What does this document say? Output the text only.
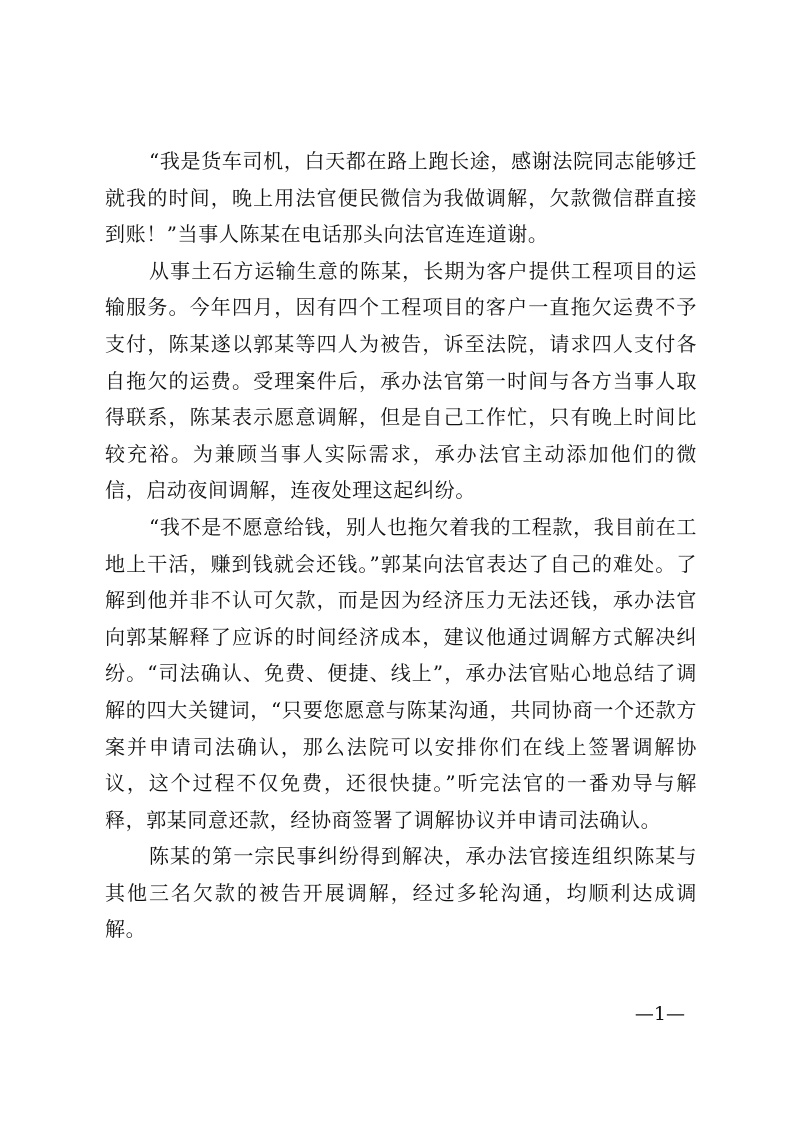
“我是货车司机，白天都在路上跑长途，感谢法院同志能够迁就我的时间，晚上用法官便民微信为我做调解，欠款微信群直接到账！”当事人陈某在电话那头向法官连连道谢。

从事土石方运输生意的陈某，长期为客户提供工程项目的运输服务。今年四月，因有四个工程项目的客户一直拖欠运费不予支付，陈某遂以郭某等四人为被告，诉至法院，请求四人支付各自拖欠的运费。受理案件后，承办法官第一时间与各方当事人取得联系，陈某表示愿意调解，但是自己工作忙，只有晚上时间比较充裕。为兼顾当事人实际需求，承办法官主动添加他们的微信，启动夜间调解，连夜处理这起纠纷。

“我不是不愿意给钱，别人也拖欠着我的工程款，我目前在工地上干活，赚到钱就会还钱。”郭某向法官表达了自己的难处。了解到他并非不认可欠款，而是因为经济压力无法还钱，承办法官向郭某解释了应诉的时间经济成本，建议他通过调解方式解决纠纷。“司法确认、免费、便捷、线上”，承办法官贴心地总结了调解的四大关键词，“只要您愿意与陈某沟通，共同协商一个还款方案并申请司法确认，那么法院可以安排你们在线上签署调解协议，这个过程不仅免费，还很快捷。”听完法官的一番劝导与解释，郭某同意还款，经协商签署了调解协议并申请司法确认。

陈某的第一宗民事纠纷得到解决，承办法官接连组织陈某与其他三名欠款的被告开展调解，经过多轮沟通，均顺利达成调解。

—1—
